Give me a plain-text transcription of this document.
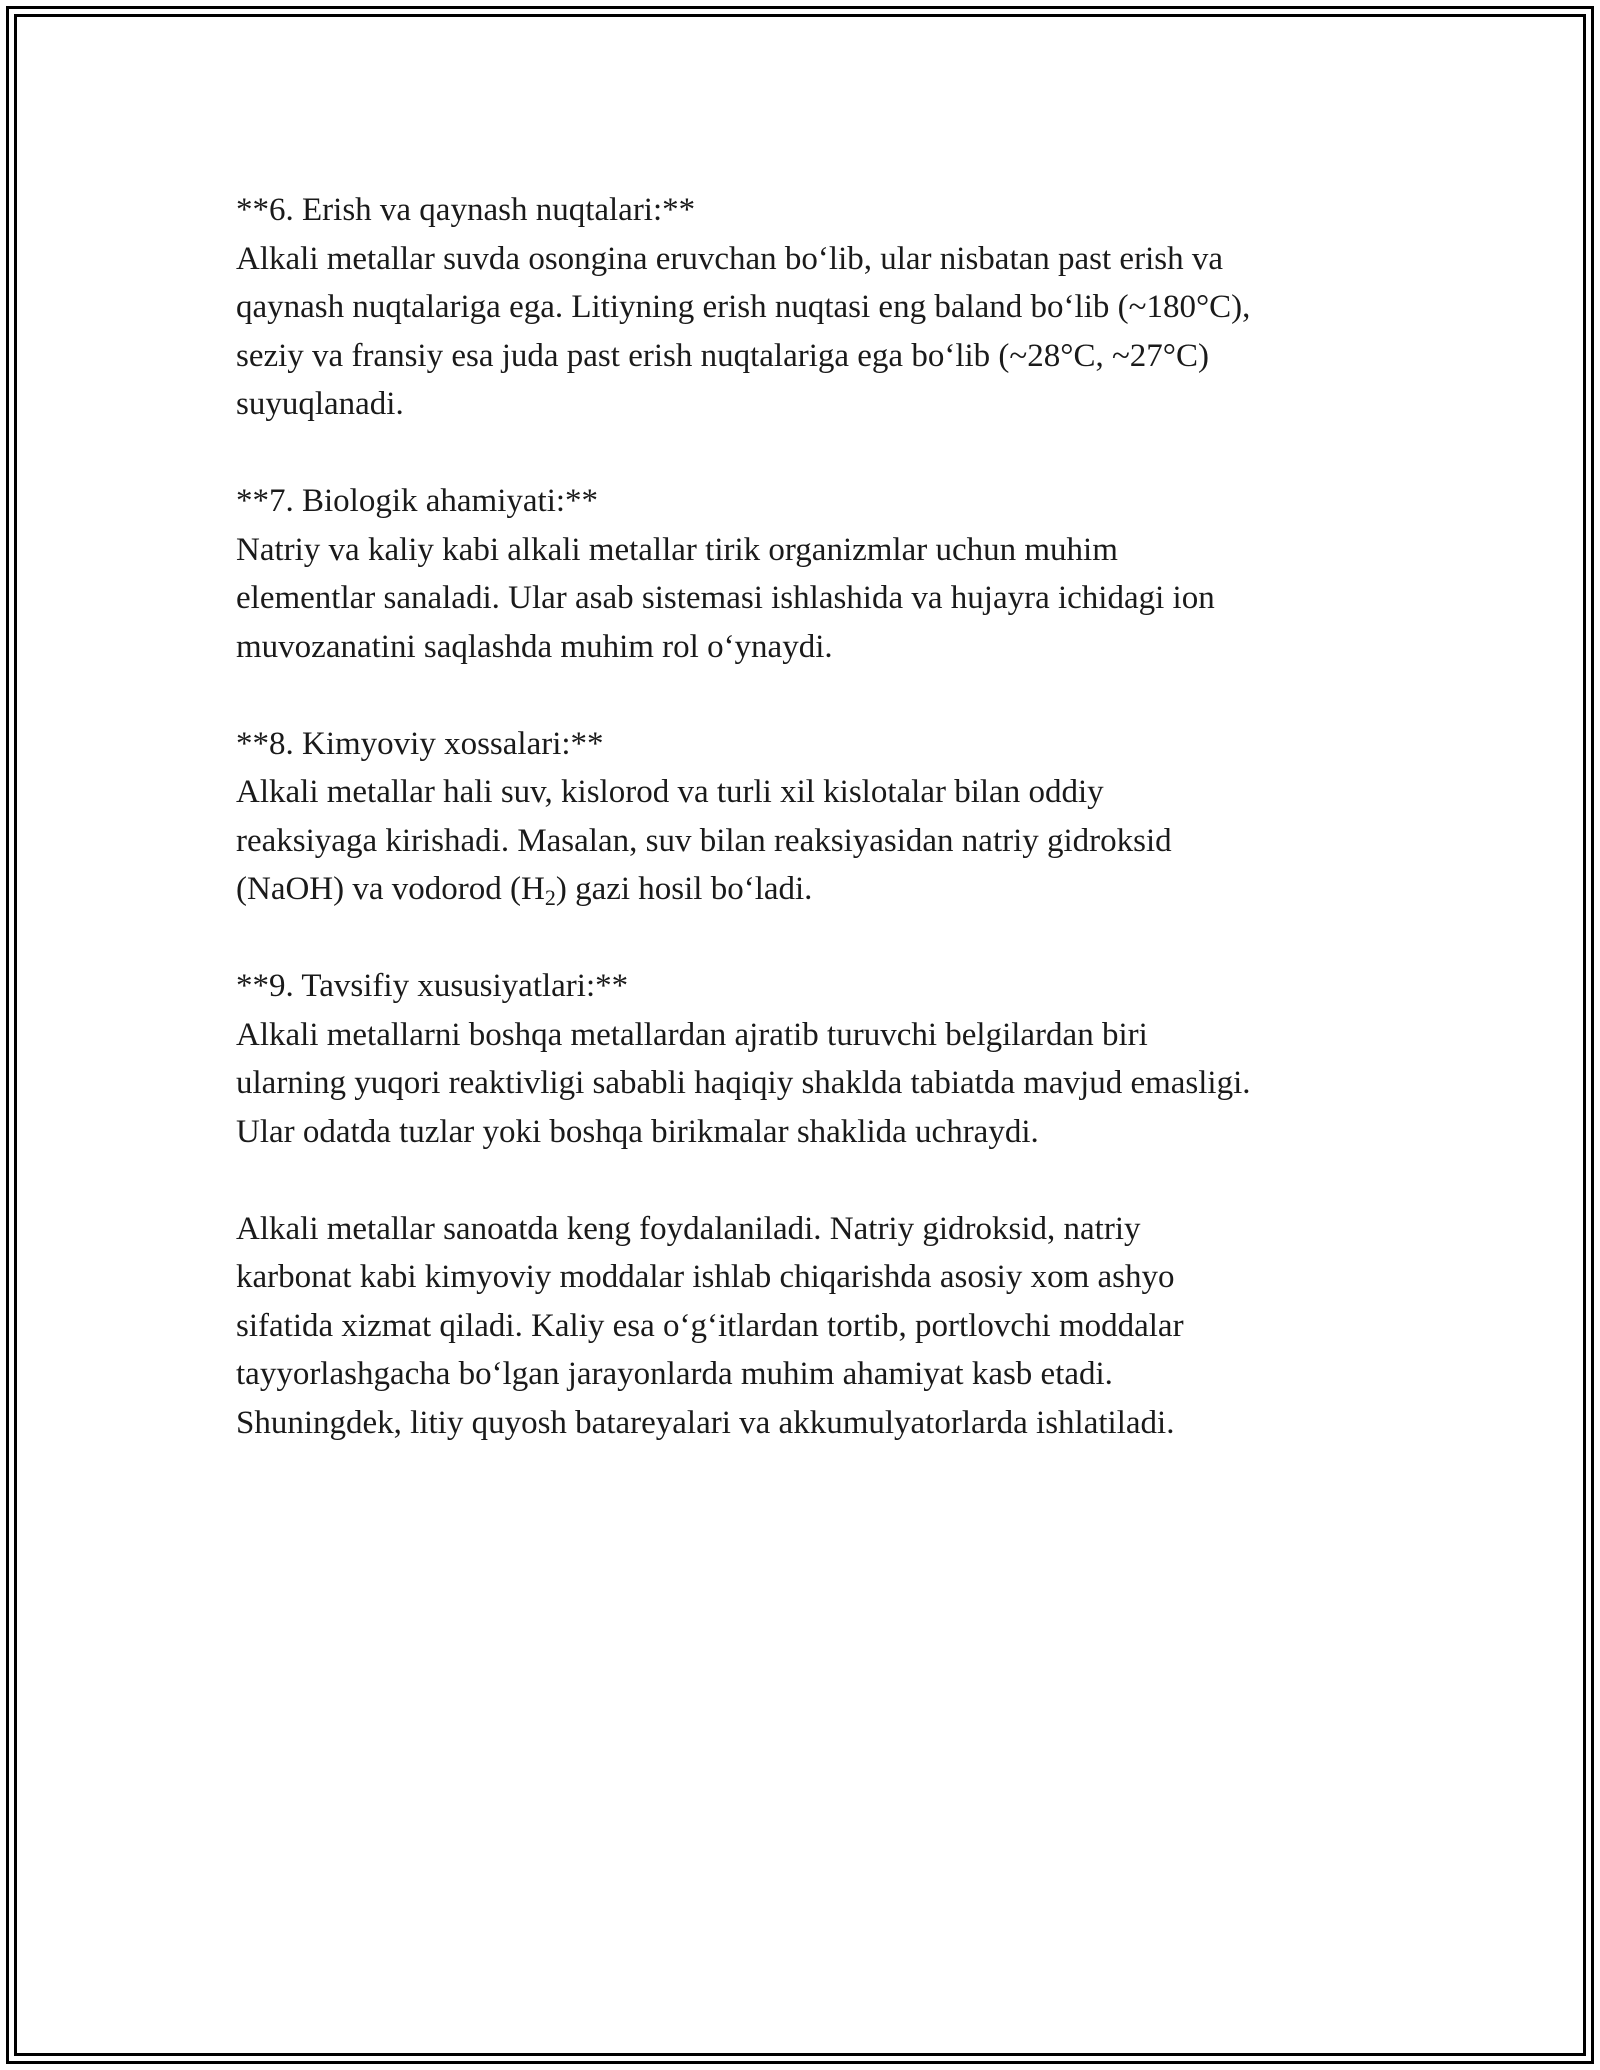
**6. Erish va qaynash nuqtalari:**

Alkali metallar suvda osongina eruvchan bo‘lib, ular nisbatan past erish va
qaynash nuqtalariga ega. Litiyning erish nuqtasi eng baland bo‘lib (~180°C),
seziy va fransiy esa juda past erish nuqtalariga ega bo‘lib (~28°C, ~27°C)
suyuqlanadi.

**7. Biologik ahamiyati:**

Natriy va kaliy kabi alkali metallar tirik organizmlar uchun muhim
elementlar sanaladi. Ular asab sistemasi ishlashida va hujayra ichidagi ion
muvozanatini saqlashda muhim rol o‘ynaydi.

**8. Kimyoviy xossalari:**

Alkali metallar hali suv, kislorod va turli xil kislotalar bilan oddiy
reaksiyaga kirishadi. Masalan, suv bilan reaksiyasidan natriy gidroksid
(NaOH) va vodorod $(H_2)$ gazi hosil bo‘ladi.

**9. Tavsifiy xususiyatlari:**

Alkali metallarni boshqa metallardan ajratib turuvchi belgilardan biri
ularning yuqori reaktivligi sababli haqiqiy shaklda tabiatda mavjud emasligi.
Ular odatda tuzlar yoki boshqa birikmalar shaklida uchraydi.

Alkali metallar sanoatda keng foydalaniladi. Natriy gidroksid, natriy
karbonat kabi kimyoviy moddalar ishlab chiqarishda asosiy xom ashyo
sifatida xizmat qiladi. Kaliy esa o‘g‘itlardan tortib, portlovchi moddalar
tayyorlashgacha bo‘lgan jarayonlarda muhim ahamiyat kasb etadi.
Shuningdek, litiy quyosh batareyalari va akkumulyatorlarda ishlatiladi.
